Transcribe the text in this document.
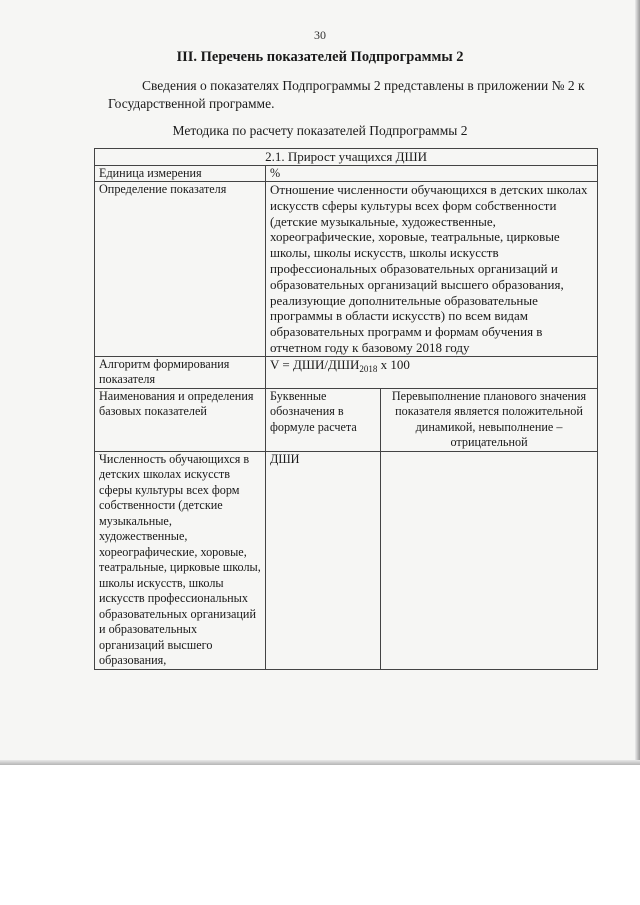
30
III. Перечень показателей Подпрограммы 2
Сведения о показателях Подпрограммы 2 представлены в приложении № 2 к Государственной программе.
Методика по расчету показателей Подпрограммы 2
2.1. Прирост учащихся ДШИ		
Единица измерения	%	
Определение показателя	Отношение численности обучающихся в детских школах искусств сферы культуры всех форм собственности (детские музыкальные, художественные, хореографические, хоровые, театральные, цирковые школы, школы искусств, школы искусств профессиональных образовательных организаций и образовательных организаций высшего образования, реализующие дополнительные образовательные программы в области искусств) по всем видам образовательных программ и формам обучения в отчетном году к базовому 2018 году	
Алгоритм формирования показателя	V = ДШИ/$ДШИ_{2018}$ x 100	
Наименования и определения базовых показателей	Буквенные обозначения в формуле расчета	Перевыполнение планового значения показателя является положительной динамикой, невыполнение – отрицательной
Численность обучающихся в детских школах искусств сферы культуры всех форм собственности (детские музыкальные, художественные, хореографические, хоровые, театральные, цирковые школы, школы искусств, школы искусств профессиональных образовательных организаций и образовательных организаций высшего образования,	ДШИ	
